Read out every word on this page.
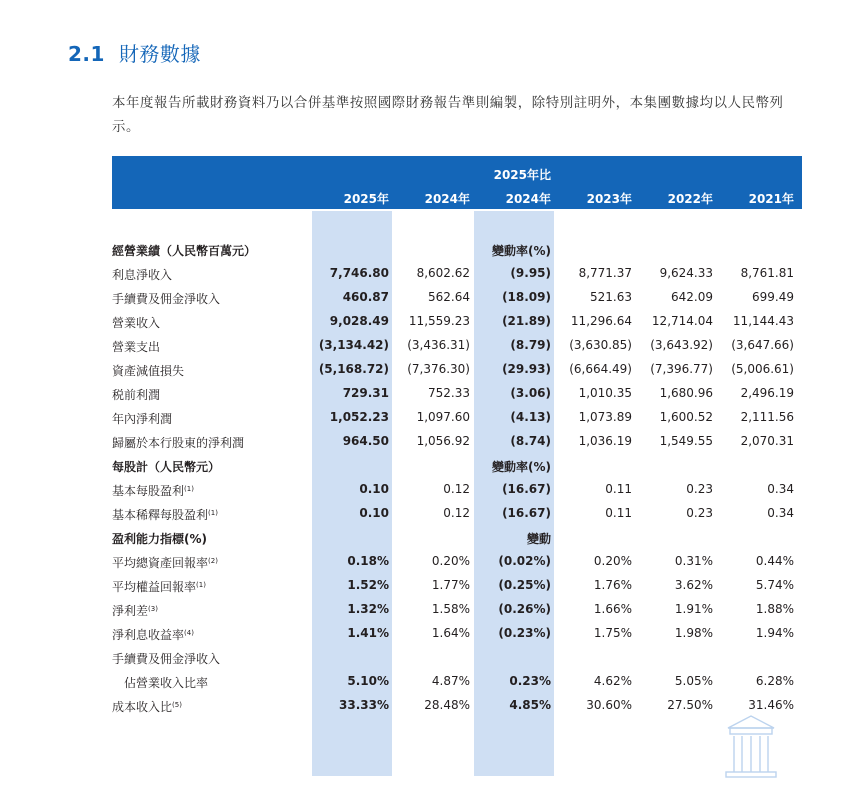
2.1 財務數據
本年度報告所載財務資料乃以合併基準按照國際財務報告準則編製，除特別註明外，本集團數據均以人民幣列示。
2025年比
2025年	2024年	2024年	2023年	2022年	2021年
經營業績（人民幣百萬元）	變動率(%)
利息淨收入	7,746.80 8,602.62	(9.95) 8,771.37 9,624.33 8,761.81
手續費及佣金淨收入	460.87	562.64	(18.09)	521.63	642.09	699.49
營業收入	9,028.49 11,559.23	(21.89) 11,296.64 12,714.04 11,144.43
營業支出	(3,134.42) (3,436.31)	(8.79) (3,630.85) (3,643.92) (3,647.66)
資產減值損失	(5,168.72) (7,376.30)	(29.93) (6,664.49) (7,396.77) (5,006.61)
税前利潤	729.31	752.33	(3.06) 1,010.35 1,680.96 2,496.19
年內淨利潤	1,052.23 1,097.60	(4.13) 1,073.89 1,600.52 2,111.56
歸屬於本行股東的淨利潤	964.50 1,056.92	(8.74) 1,036.19 1,549.55 2,070.31
每股計（人民幣元）	變動率(%)
基本每股盈利$^{(1)}$	0.10	0.12	(16.67)	0.11	0.23	0.34
基本稀釋每股盈利$^{(1)}$	0.10	0.12	(16.67)	0.11	0.23	0.34
盈利能力指標(%)	變動
平均總資產回報率$^{(2)}$	0.18%	0.20% (0.02%)	0.20%	0.31%	0.44%
平均權益回報率$^{(1)}$	1.52%	1.77% (0.25%)	1.76%	3.62%	5.74%
淨利差$^{(3)}$	1.32%	1.58% (0.26%)	1.66%	1.91%	1.88%
淨利息收益率$^{(4)}$	1.41%	1.64% (0.23%)	1.75%	1.98%	1.94%
手續費及佣金淨收入
佔營業收入比率	5.10%	4.87%	0.23%	4.62%	5.05%	6.28%
成本收入比$^{(5)}$	33.33%	28.48%	4.85%	30.60%	27.50%	31.46%
